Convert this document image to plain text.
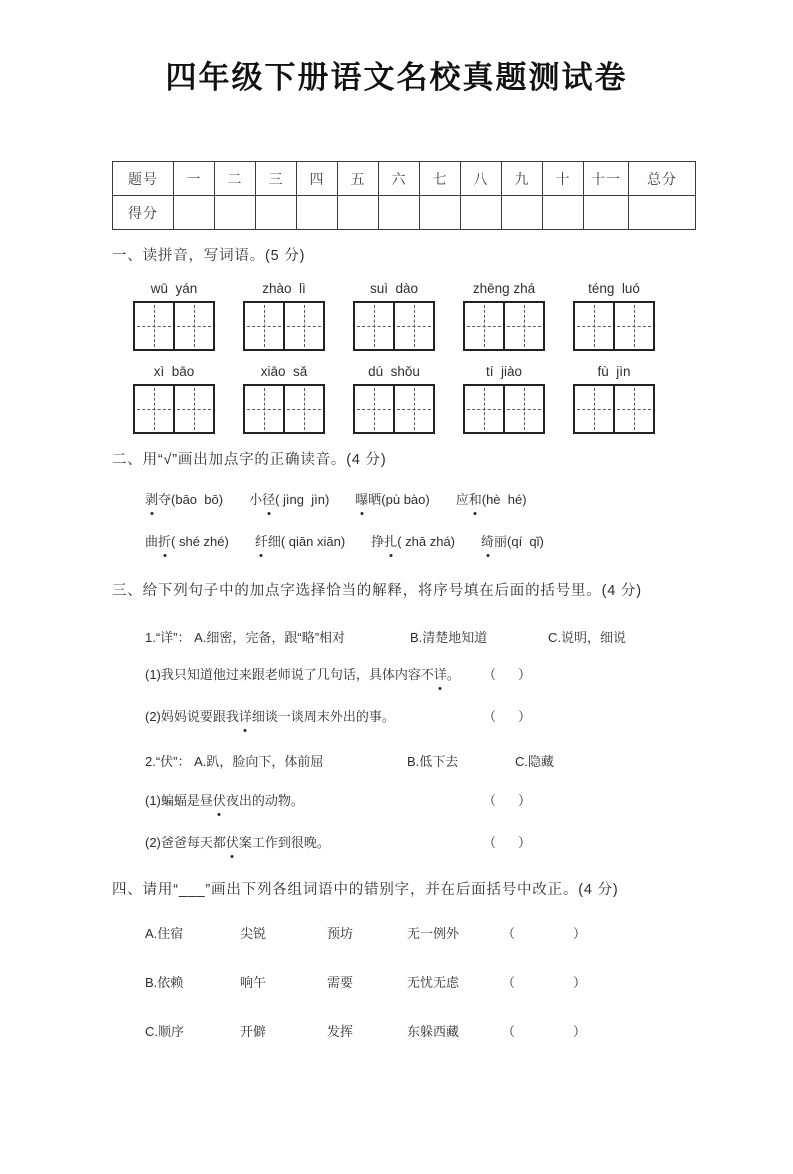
四年级下册语文名校真题测试卷
题号	一	二	三	四	五	六	七	八	九	十	十一	总分
得分												
一、读拼音，写词语。(5 分)
wū  yán	zhào  lì	suì  dào	zhēng zhá	téng  luó
xì  bāo	xiāo  sǎ	dú  shǒu	tí  jiào	fù  jìn
二、用“√”画出加点字的正确读音。(4 分)
剥夺(bāo  bō) 小径( jìng  jìn) 曝晒(pù bào) 应和(hè  hé)
曲折( shé zhé) 纤细( qiān xiān) 挣扎( zhā zhá) 绮丽(qí  qǐ)
三、给下列句子中的加点字选择恰当的解释，将序号填在后面的括号里。(4 分)
1.“详”： A.细密，完备，跟“略”相对	B.清楚地知道	C.说明，细说
(1)我只知道他过来跟老师说了几句话，具体内容不详。 （ ）
(2)妈妈说要跟我详细谈一谈周末外出的事。	（ ）
2.“伏”： A.趴，脸向下，体前屈	B.低下去	C.隐藏
(1)蝙蝠是昼伏夜出的动物。	（ ）
(2)爸爸每天都伏案工作到很晚。	（ ）
四、请用“___”画出下列各组词语中的错别字，并在后面括号中改正。(4 分)
A.住宿	尖锐	预坊	无一例外	（	）
B.依赖	响午	需要	无忧无虑	（	）
C.顺序	开僻	发挥	东躲西藏	（	）
